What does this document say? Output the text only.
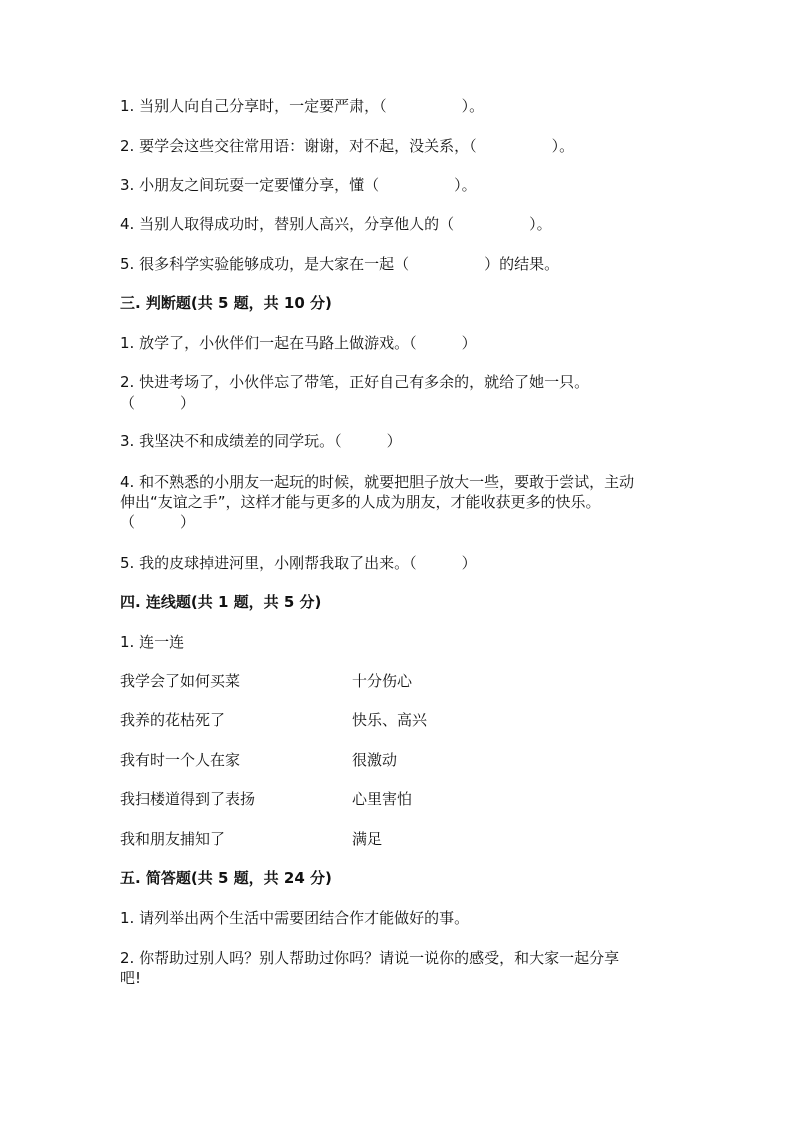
1. 当别人向自己分享时，一定要严肃，（　　　　　）。
2. 要学会这些交往常用语：谢谢，对不起，没关系，（　　　　　）。
3. 小朋友之间玩耍一定要懂分享，懂（　　　　　）。
4. 当别人取得成功时，替别人高兴，分享他人的（　　　　　）。
5. 很多科学实验能够成功，是大家在一起（　　　　　）的结果。
三. 判断题(共 5 题，共 10 分)
1. 放学了，小伙伴们一起在马路上做游戏。（　　　）
2. 快进考场了，小伙伴忘了带笔，正好自己有多余的，就给了她一只。
（　　　）
3. 我坚决不和成绩差的同学玩。（　　　）
4. 和不熟悉的小朋友一起玩的时候，就要把胆子放大一些，要敢于尝试，主动
伸出“友谊之手”，这样才能与更多的人成为朋友，才能收获更多的快乐。
（　　　）
5. 我的皮球掉进河里，小刚帮我取了出来。（　　　）
四. 连线题(共 1 题，共 5 分)
1. 连一连
我学会了如何买菜	十分伤心
我养的花枯死了	快乐、高兴
我有时一个人在家	很激动
我扫楼道得到了表扬	心里害怕
我和朋友捕知了	满足
五. 简答题(共 5 题，共 24 分)
1. 请列举出两个生活中需要团结合作才能做好的事。
2. 你帮助过别人吗？别人帮助过你吗？请说一说你的感受，和大家一起分享
吧!
